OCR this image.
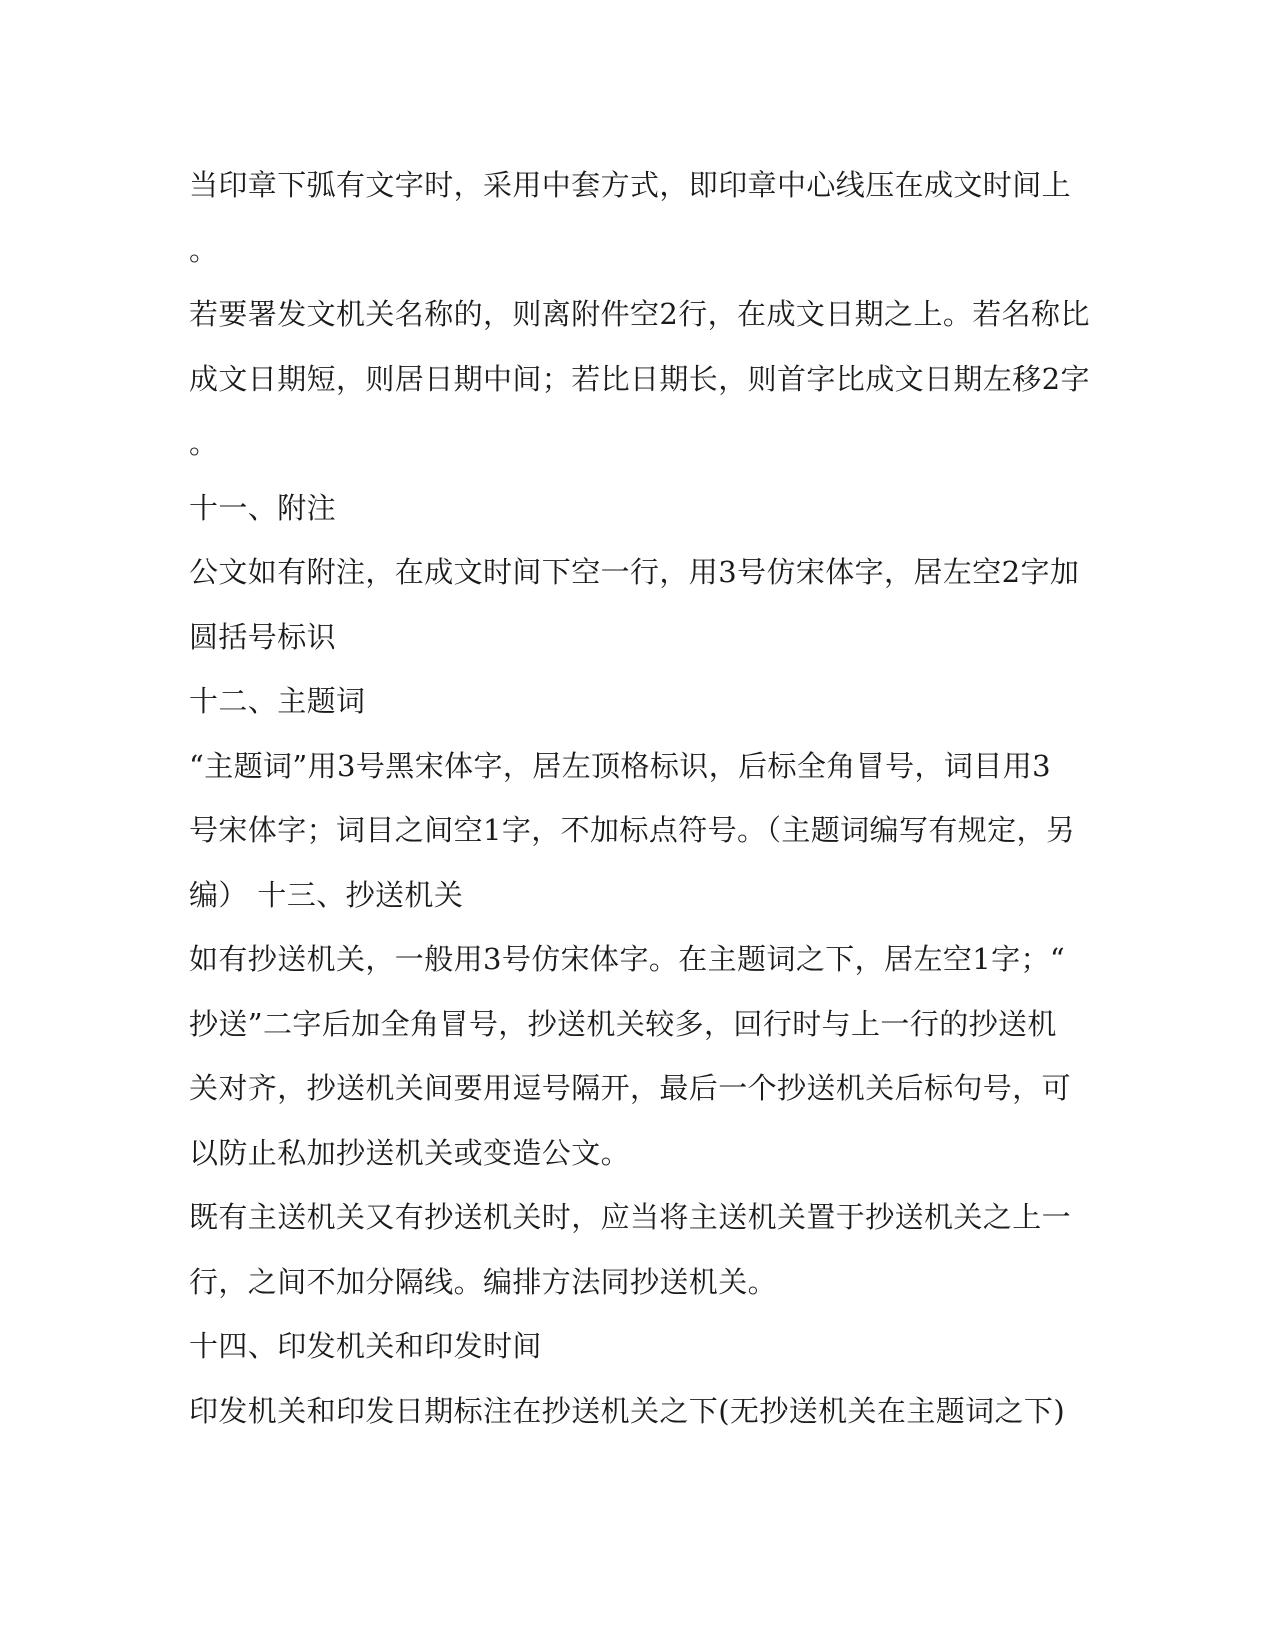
当印章下弧有文字时，采用中套方式，即印章中心线压在成文时间上
。
若要署发文机关名称的，则离附件空2行，在成文日期之上。若名称比
成文日期短，则居日期中间；若比日期长，则首字比成文日期左移2字
。
十一、附注
公文如有附注，在成文时间下空一行，用3号仿宋体字，居左空2字加
圆括号标识
十二、主题词
“主题词”用3号黑宋体字，居左顶格标识，后标全角冒号，词目用3
号宋体字；词目之间空1字，不加标点符号。（主题词编写有规定，另
编） 十三、抄送机关
如有抄送机关，一般用3号仿宋体字。在主题词之下，居左空1字；“
抄送”二字后加全角冒号，抄送机关较多，回行时与上一行的抄送机
关对齐，抄送机关间要用逗号隔开，最后一个抄送机关后标句号，可
以防止私加抄送机关或变造公文。
既有主送机关又有抄送机关时，应当将主送机关置于抄送机关之上一
行，之间不加分隔线。编排方法同抄送机关。
十四、印发机关和印发时间
印发机关和印发日期标注在抄送机关之下(无抄送机关在主题词之下)
